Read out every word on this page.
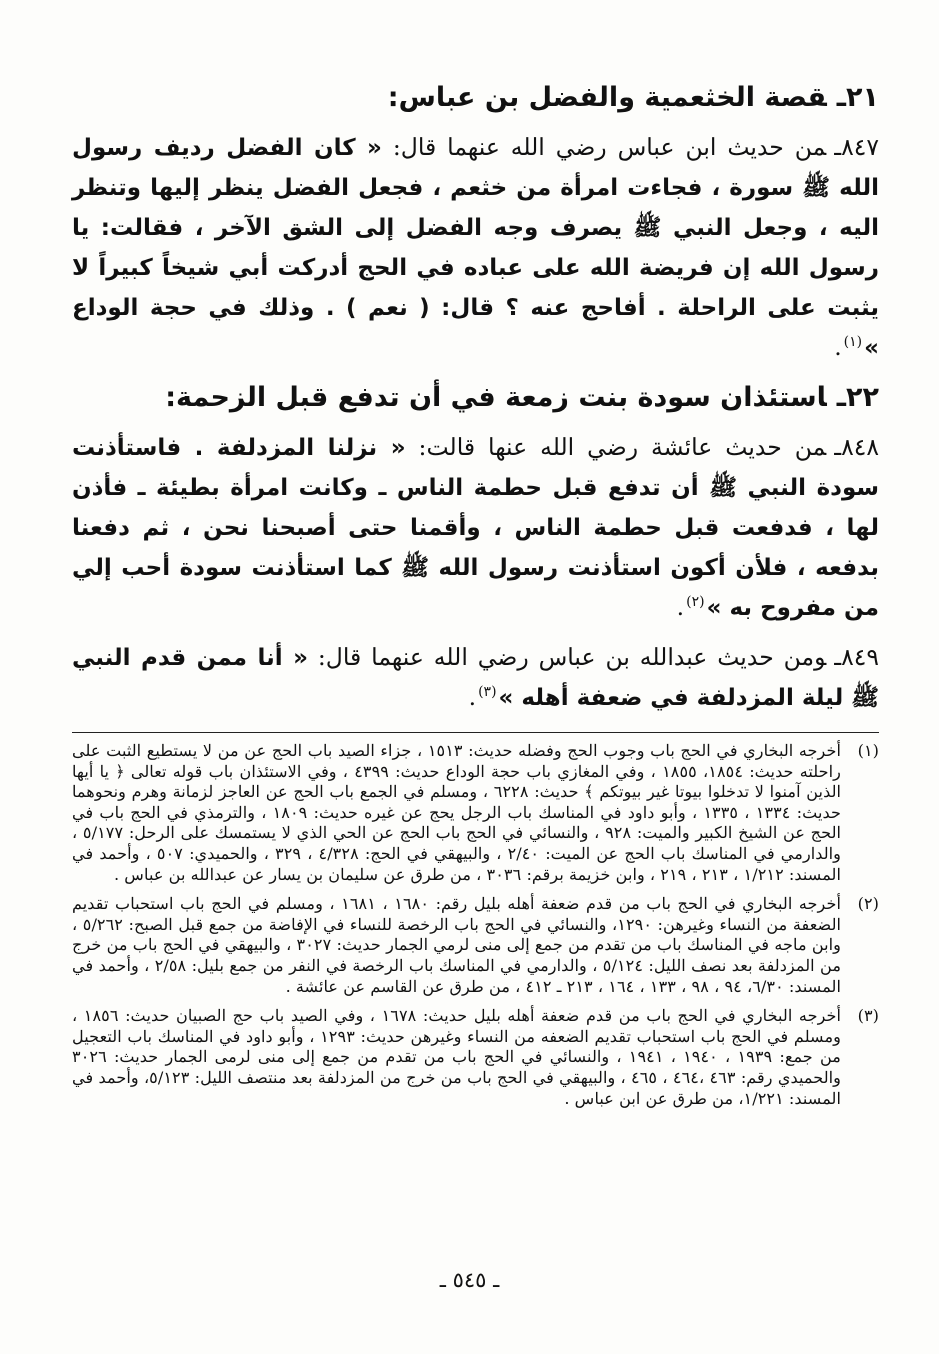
٢١ـقصة الخثعمية والفضل بن عباس:

٨٤٧ـمن حديث ابن عباس رضي الله عنهما قال: « كان الفضل رديف رسول الله ﷺ سورة ، فجاءت امرأة من خثعم ، فجعل الفضل ينظر إليها وتنظر اليه ، وجعل النبي ﷺ يصرف وجه الفضل إلى الشق الآخر ، فقالت: يا رسول الله إن فريضة الله على عباده في الحج أدركت أبي شيخاً كبيراً لا يثبت على الراحلة . أفاحج عنه ؟ قال: ( نعم ) . وذلك في حجة الوداع »$^{(١)}$.

٢٢ـاستئذان سودة بنت زمعة في أن تدفع قبل الزحمة:

٨٤٨ـمن حديث عائشة رضي الله عنها قالت: « نزلنا المزدلفة . فاستأذنت سودة النبي ﷺ أن تدفع قبل حطمة الناس ـ وكانت امرأة بطيئة ـ فأذن لها ، فدفعت قبل حطمة الناس ، وأقمنا حتى أصبحنا نحن ، ثم دفعنا بدفعه ، فلأن أكون استأذنت رسول الله ﷺ كما استأذنت سودة أحب إلي من مفروح به »$^{(٢)}$.

٨٤٩ـومن حديث عبدالله بن عباس رضي الله عنهما قال: « أنا ممن قدم النبي ﷺ ليلة المزدلفة في ضعفة أهله »$^{(٣)}$.

(١)
أخرجه البخاري في الحج باب وجوب الحج وفضله حديث: ١٥١٣ ، جزاء الصيد باب الحج عن من لا يستطيع الثبت على راحلته حديث: ١٨٥٤، ١٨٥٥ ، وفي المغازي باب حجة الوداع حديث: ٤٣٩٩ ، وفي الاستئذان باب قوله تعالى ﴿ يا أيها الذين آمنوا لا تدخلوا بيوتا غير بيوتكم ﴾ حديث: ٦٢٢٨ ، ومسلم في الجمع باب الحج عن العاجز لزمانة وهرم ونحوهما حديث: ١٣٣٤ ، ١٣٣٥ ، وأبو داود في المناسك باب الرجل يحج عن غيره حديث: ١٨٠٩ ، والترمذي في الحج باب في الحج عن الشيخ الكبير والميت: ٩٢٨ ، والنسائي في الحج باب الحج عن الحي الذي لا يستمسك على الرحل: ٥/١٧٧ ، والدارمي في المناسك باب الحج عن الميت: ٢/٤٠ ، والبيهقي في الحج: ٤/٣٢٨ ، ٣٢٩ ، والحميدي: ٥٠٧ ، وأحمد في المسند: ١/٢١٢ ، ٢١٣ ، ٢١٩ ، وابن خزيمة برقم: ٣٠٣٦ ، من طرق عن سليمان بن يسار عن عبدالله بن عباس .
(٢)
أخرجه البخاري في الحج باب من قدم ضعفة أهله بليل رقم: ١٦٨٠ ، ١٦٨١ ، ومسلم في الحج باب استحباب تقديم الضعفة من النساء وغيرهن: ١٢٩٠، والنسائي في الحج باب الرخصة للنساء في الإفاضة من جمع قبل الصبح: ٥/٢٦٢ ، وابن ماجه في المناسك باب من تقدم من جمع إلى منى لرمي الجمار حديث: ٣٠٢٧ ، والبيهقي في الحج باب من خرج من المزدلفة بعد نصف الليل: ٥/١٢٤ ، والدارمي في المناسك باب الرخصة في النفر من جمع بليل: ٢/٥٨ ، وأحمد في المسند: ٦/٣٠، ٩٤ ، ٩٨ ، ١٣٣ ، ١٦٤ ، ٢١٣ ـ ٤١٢ ، من طرق عن القاسم عن عائشة .
(٣)
أخرجه البخاري في الحج باب من قدم ضعفة أهله بليل حديث: ١٦٧٨ ، وفي الصيد باب حج الصبيان حديث: ١٨٥٦ ، ومسلم في الحج باب استحباب تقديم الضعفه من النساء وغيرهن حديث: ١٢٩٣ ، وأبو داود في المناسك باب التعجيل من جمع: ١٩٣٩ ، ١٩٤٠ ، ١٩٤١ ، والنسائي في الحج باب من تقدم من جمع إلى منى لرمى الجمار حديث: ٣٠٢٦ والحميدي رقم: ٤٦٣ ،٤٦٤ ، ٤٦٥ ، والبيهقي في الحج باب من خرج من المزدلفة بعد منتصف الليل: ٥/١٢٣، وأحمد في المسند: ١/٢٢١، من طرق عن ابن عباس .
ـ ٥٤٥ ـ
